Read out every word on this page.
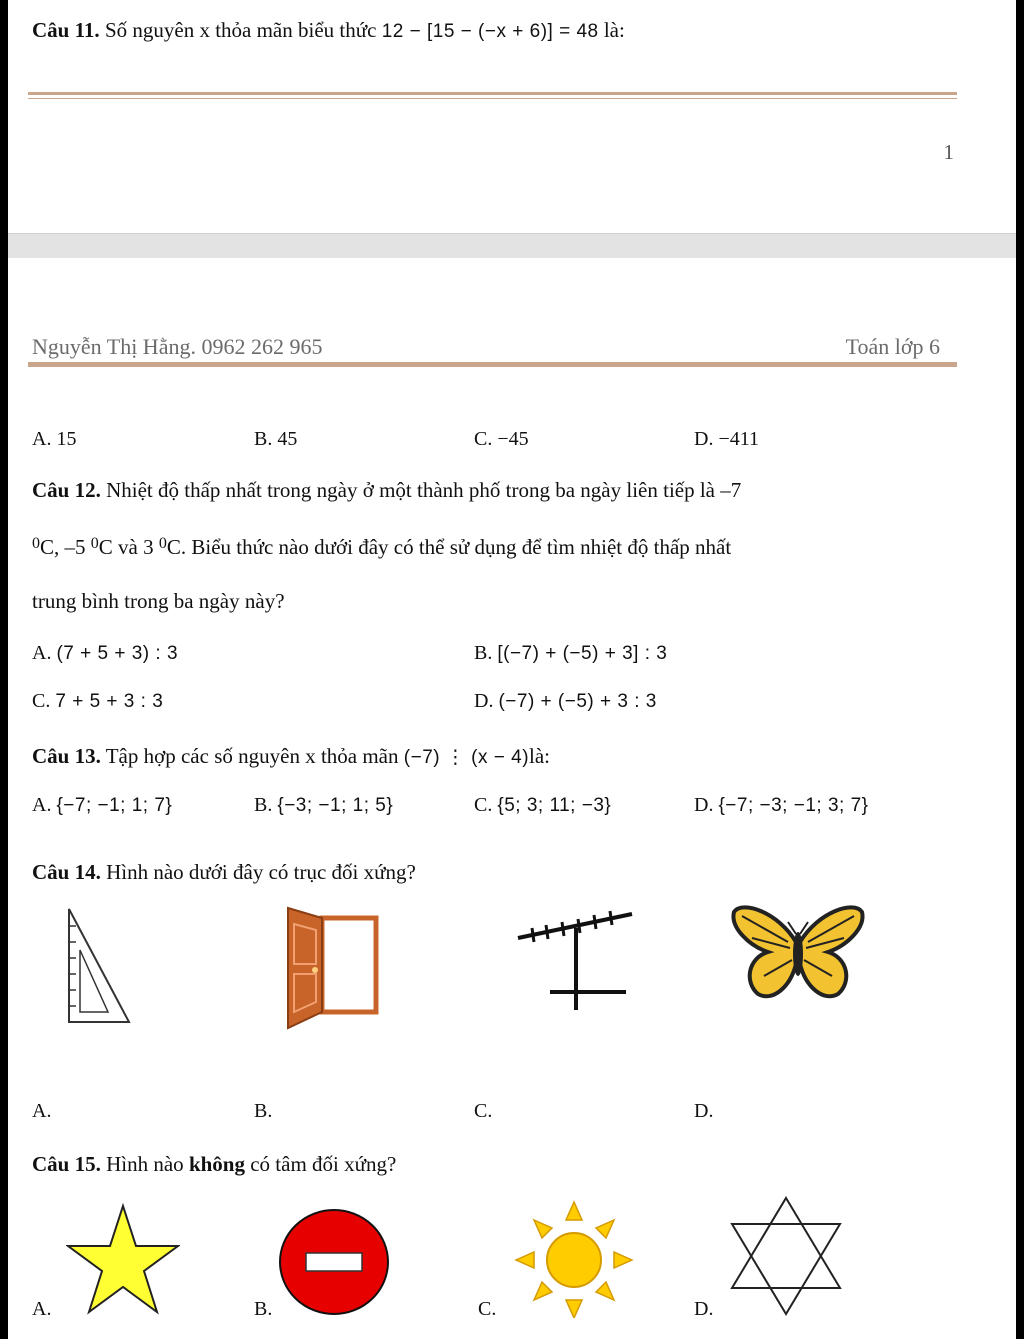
Câu 11. Số nguyên x thỏa mãn biểu thức 12 − [15 − (−x + 6)] = 48 là:
1
Nguyễn Thị Hằng. 0962 262 965	Toán lớp 6
A. 15	B. 45	C. −45	D. −411
Câu 12. Nhiệt độ thấp nhất trong ngày ở một thành phố trong ba ngày liên tiếp là –7
$^0$C, –5 $^0$C và 3 $^0$C. Biểu thức nào dưới đây có thể sử dụng để tìm nhiệt độ thấp nhất
trung bình trong ba ngày này?
A. (7 + 5 + 3) : 3	B. [(−7) + (−5) + 3] : 3
C. 7 + 5 + 3 : 3	D. (−7) + (−5) + 3 : 3
Câu 13. Tập hợp các số nguyên x thỏa mãn (−7) ⋮ (x − 4)là:
A. {−7; −1; 1; 7}	B. {−3; −1; 1; 5}	C. {5; 3; 11; −3}	D. {−7; −3; −1; 3; 7}
Câu 14. Hình nào dưới đây có trục đối xứng?
A.	B.	C.	D.
Câu 15. Hình nào không có tâm đối xứng?
A.	B.	C.	D.
